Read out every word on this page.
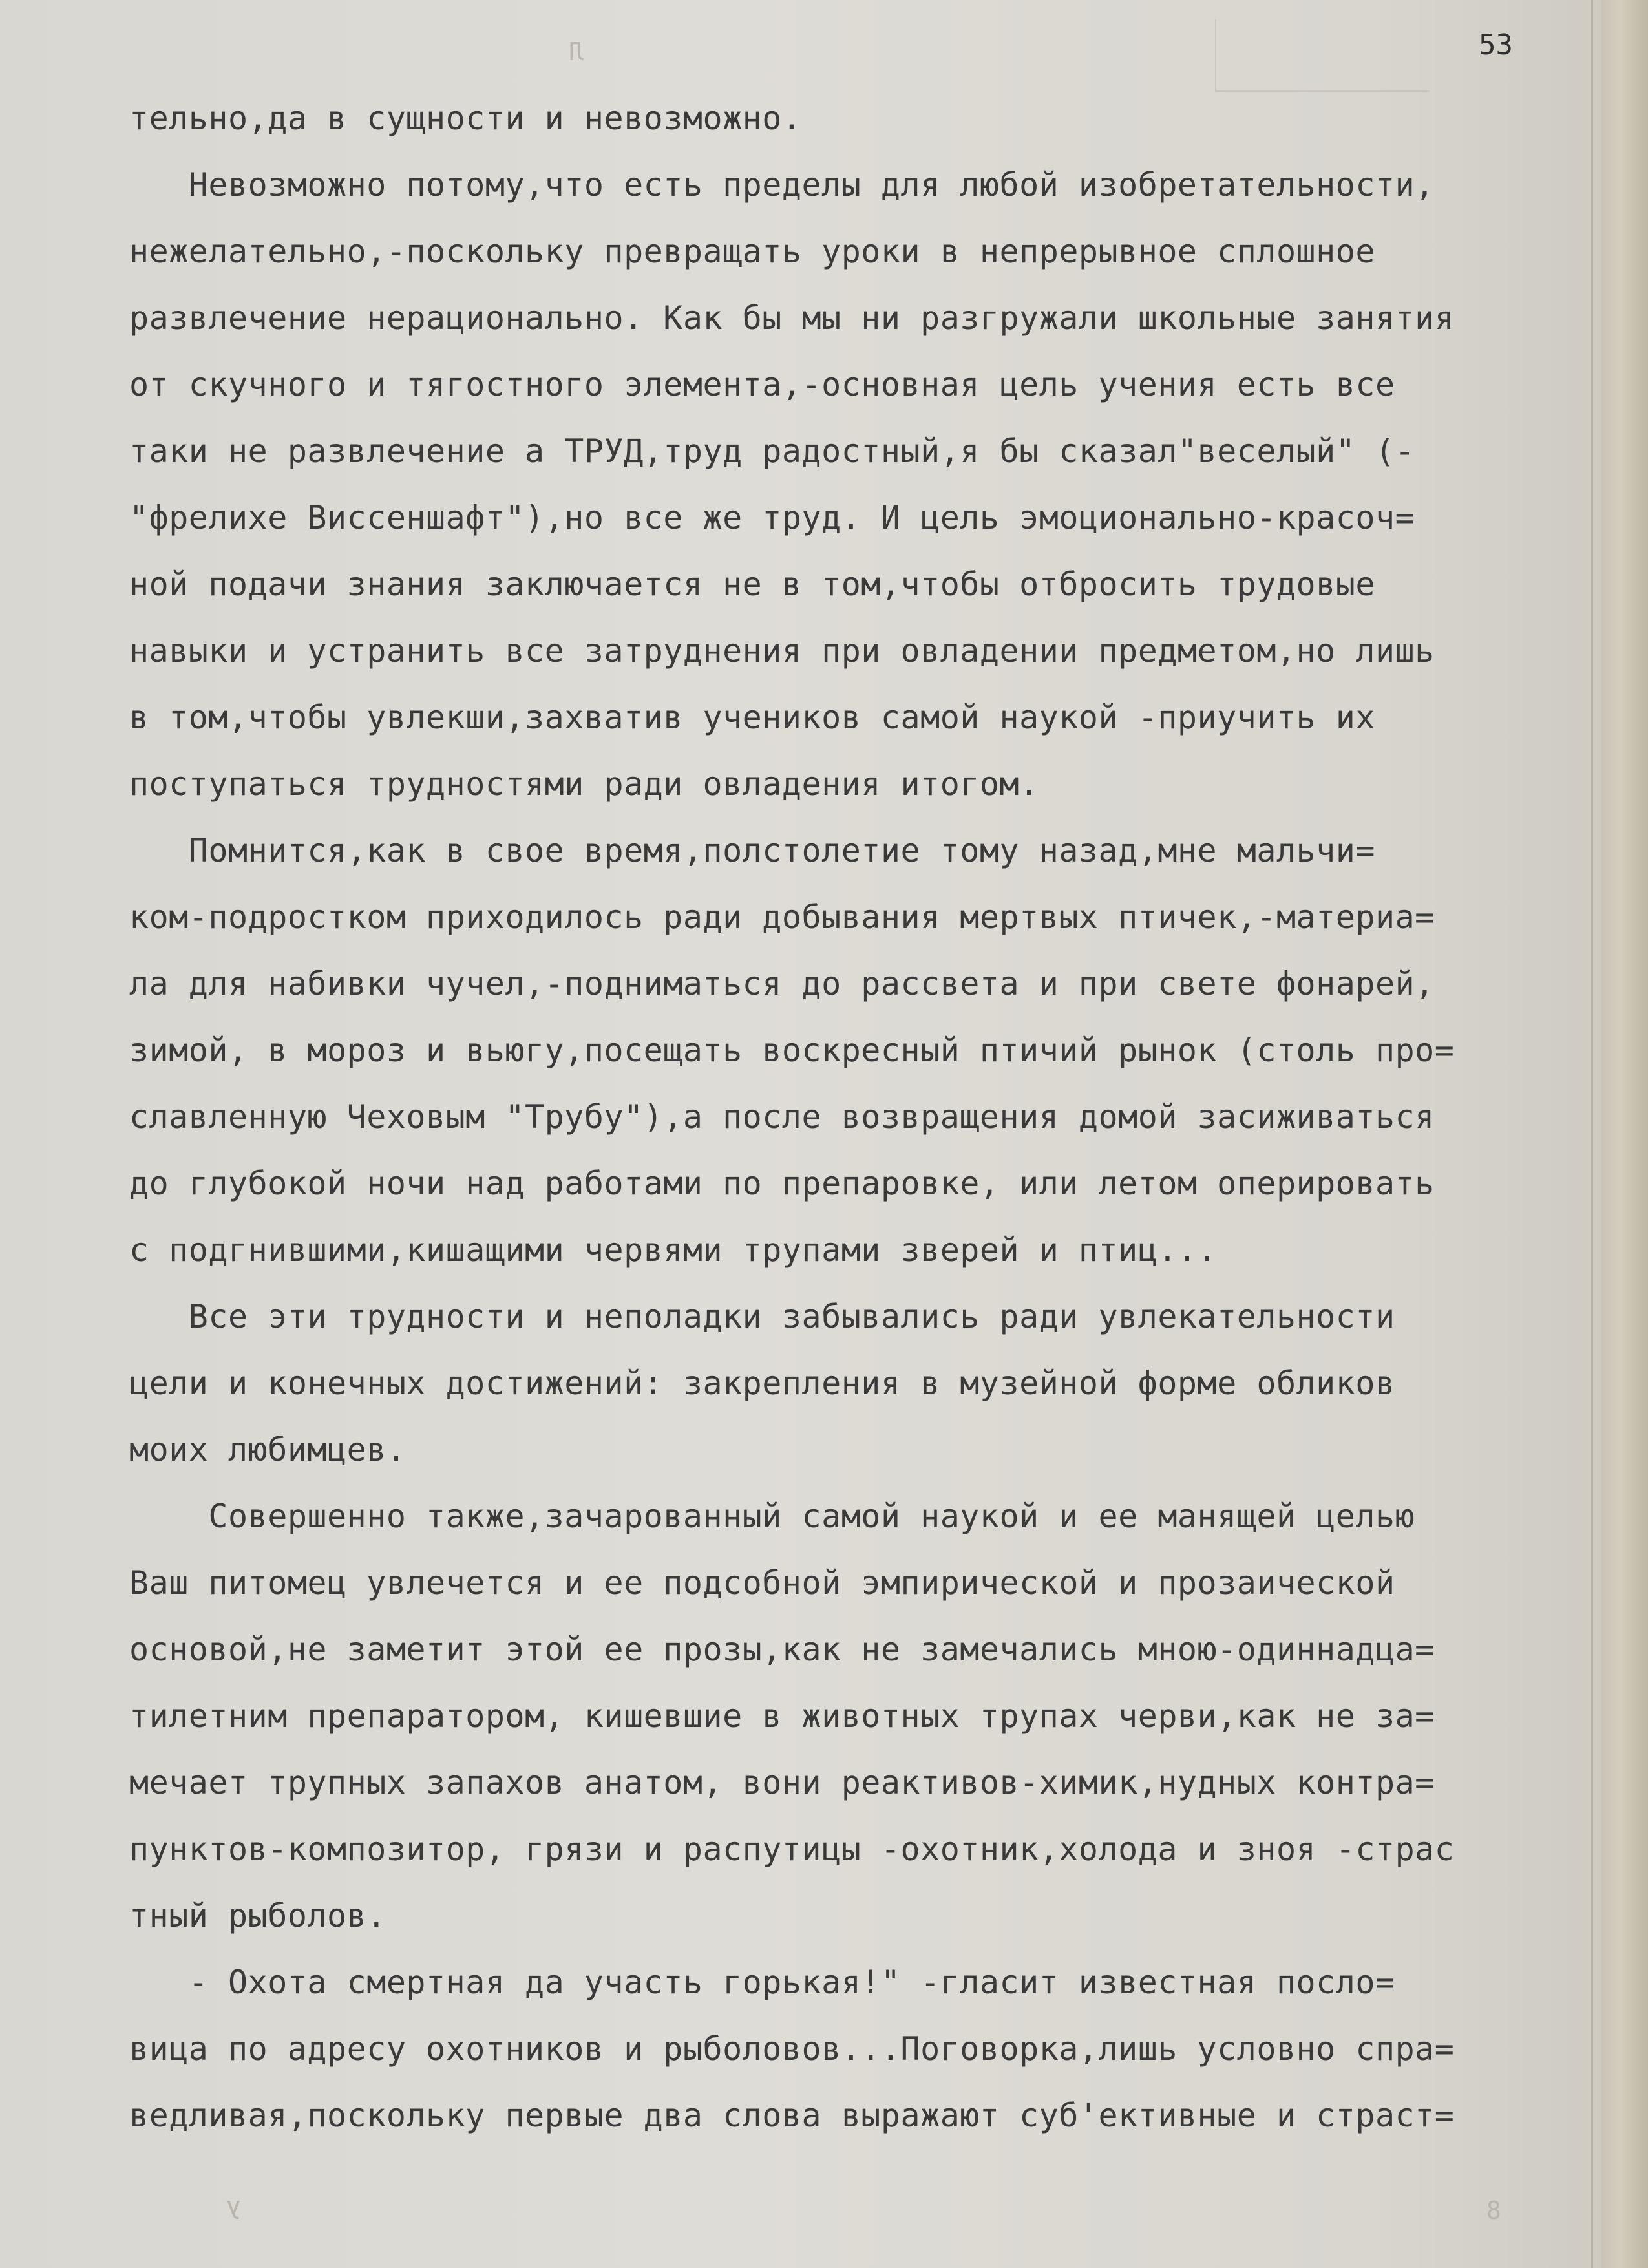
Л
У	8
53
тельно,да в сущности и невозможно.
Невозможно потому,что есть пределы для любой изобретательности,
нежелательно,-поскольку превращать уроки в непрерывное сплошное
развлечение нерационально. Как бы мы ни разгружали школьные занятия
от скучного и тягостного элемента,-основная цель учения есть все
таки не развлечение а ТРУД,труд радостный,я бы сказал"веселый" (-
"фрелихе Виссеншафт"),но все же труд. И цель эмоционально-красоч=
ной подачи знания заключается не в том,чтобы отбросить трудовые
навыки и устранить все затруднения при овладении предметом,но лишь
в том,чтобы увлекши,захватив учеников самой наукой -приучить их
поступаться трудностями ради овладения итогом.
Помнится,как в свое время,полстолетие тому назад,мне мальчи=
ком-подростком приходилось ради добывания мертвых птичек,-материа=
ла для набивки чучел,-подниматься до рассвета и при свете фонарей,
зимой, в мороз и вьюгу,посещать воскресный птичий рынок (столь про=
славленную Чеховым "Трубу"),а после возвращения домой засиживаться
до глубокой ночи над работами по препаровке, или летом оперировать
с подгнившими,кишащими червями трупами зверей и птиц...
Все эти трудности и неполадки забывались ради увлекательности
цели и конечных достижений: закрепления в музейной форме обликов
моих любимцев.
Совершенно также,зачарованный самой наукой и ее манящей целью
Ваш питомец увлечется и ее подсобной эмпирической и прозаической
основой,не заметит этой ее прозы,как не замечались мною-одиннадца=
тилетним препаратором, кишевшие в животных трупах черви,как не за=
мечает трупных запахов анатом, вони реактивов-химик,нудных контра=
пунктов-композитор, грязи и распутицы -охотник,холода и зноя -страс
тный рыболов.
- Охота смертная да участь горькая!" -гласит известная посло=
вица по адресу охотников и рыболовов...Поговорка,лишь условно спра=
ведливая,поскольку первые два слова выражают суб'ективные и страст=
